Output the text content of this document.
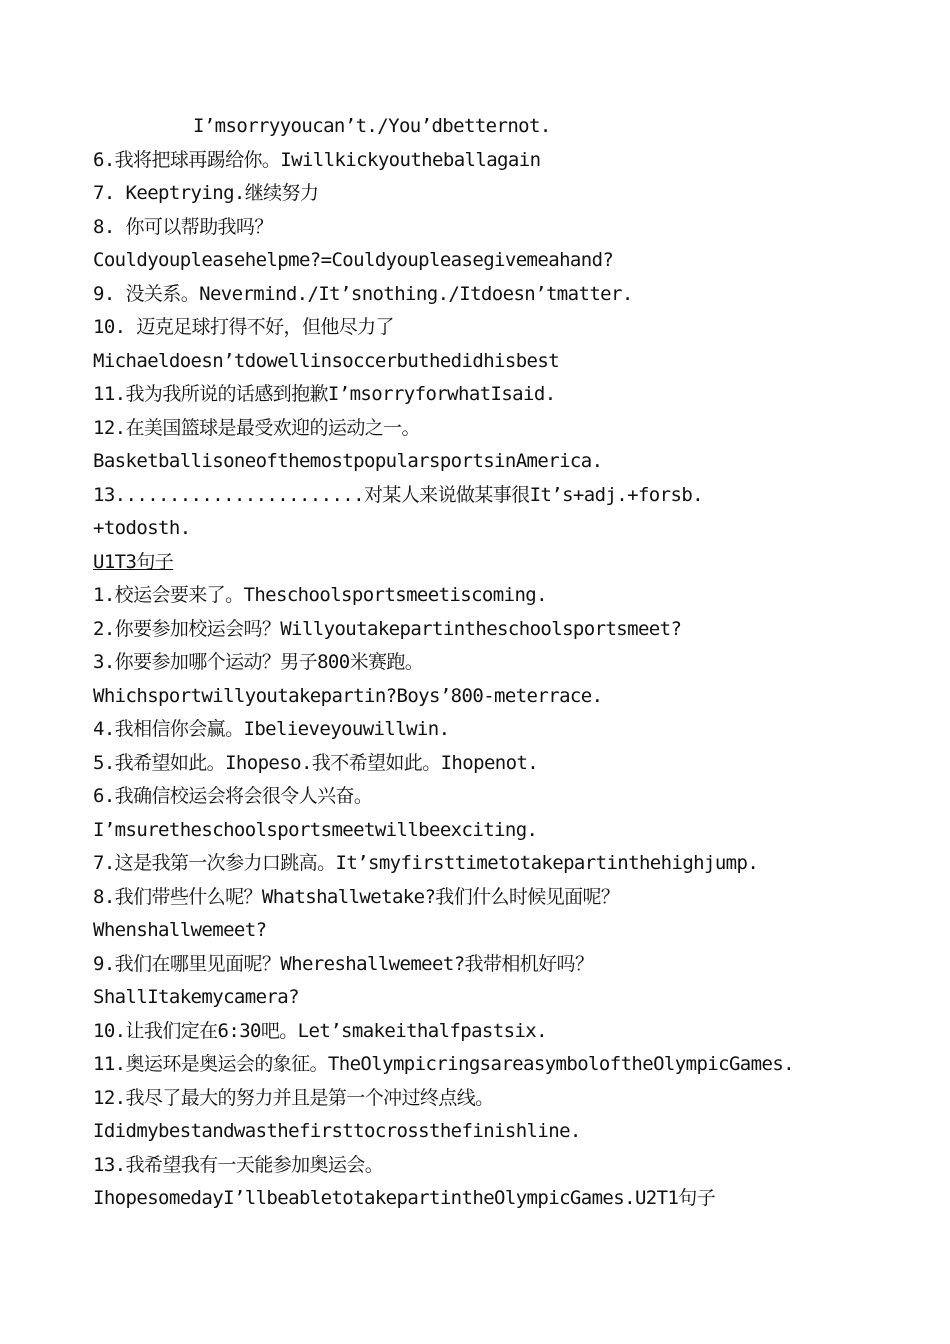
I’msorryyoucan’t./You’dbetternot.
6.我将把球再踢给你。Iwillkickyoutheballagain
7. Keeptrying.继续努力
8. 你可以帮助我吗？
Couldyoupleasehelpme?=Couldyoupleasegivemeahand?
9. 没关系。Nevermind./It’snothing./Itdoesn’tmatter.
10. 迈克足球打得不好，但他尽力了
Michaeldoesn’tdowellinsoccerbuthedidhisbest
11.我为我所说的话感到抱歉I’msorryforwhatIsaid.
12.在美国篮球是最受欢迎的运动之一。
BasketballisoneofthemostpopularsportsinAmerica.
13.......................对某人来说做某事很It’s+adj.+forsb.
+todosth.
U1T3句子
1.校运会要来了。Theschoolsportsmeetiscoming.
2.你要参加校运会吗？Willyoutakepartintheschoolsportsmeet?
3.你要参加哪个运动？男子800米赛跑。
Whichsportwillyoutakepartin?Boys’800-meterrace.
4.我相信你会赢。Ibelieveyouwillwin.
5.我希望如此。Ihopeso.我不希望如此。Ihopenot.
6.我确信校运会将会很令人兴奋。
I’msuretheschoolsportsmeetwillbeexciting.
7.这是我第一次参力口跳高。It’smyfirsttimetotakepartinthehighjump.
8.我们带些什么呢？Whatshallwetake?我们什么时候见面呢？
Whenshallwemeet?
9.我们在哪里见面呢？Whereshallwemeet?我带相机好吗？
ShallItakemycamera?
10.让我们定在6:30吧。Let’smakeithalfpastsix.
11.奥运环是奥运会的象征。TheOlympicringsareasymboloftheOlympicGames.
12.我尽了最大的努力并且是第一个冲过终点线。
Ididmybestandwasthefirsttocrossthefinishline.
13.我希望我有一天能参加奥运会。
IhopesomedayI’llbeabletotakepartintheOlympicGames.U2T1句子
